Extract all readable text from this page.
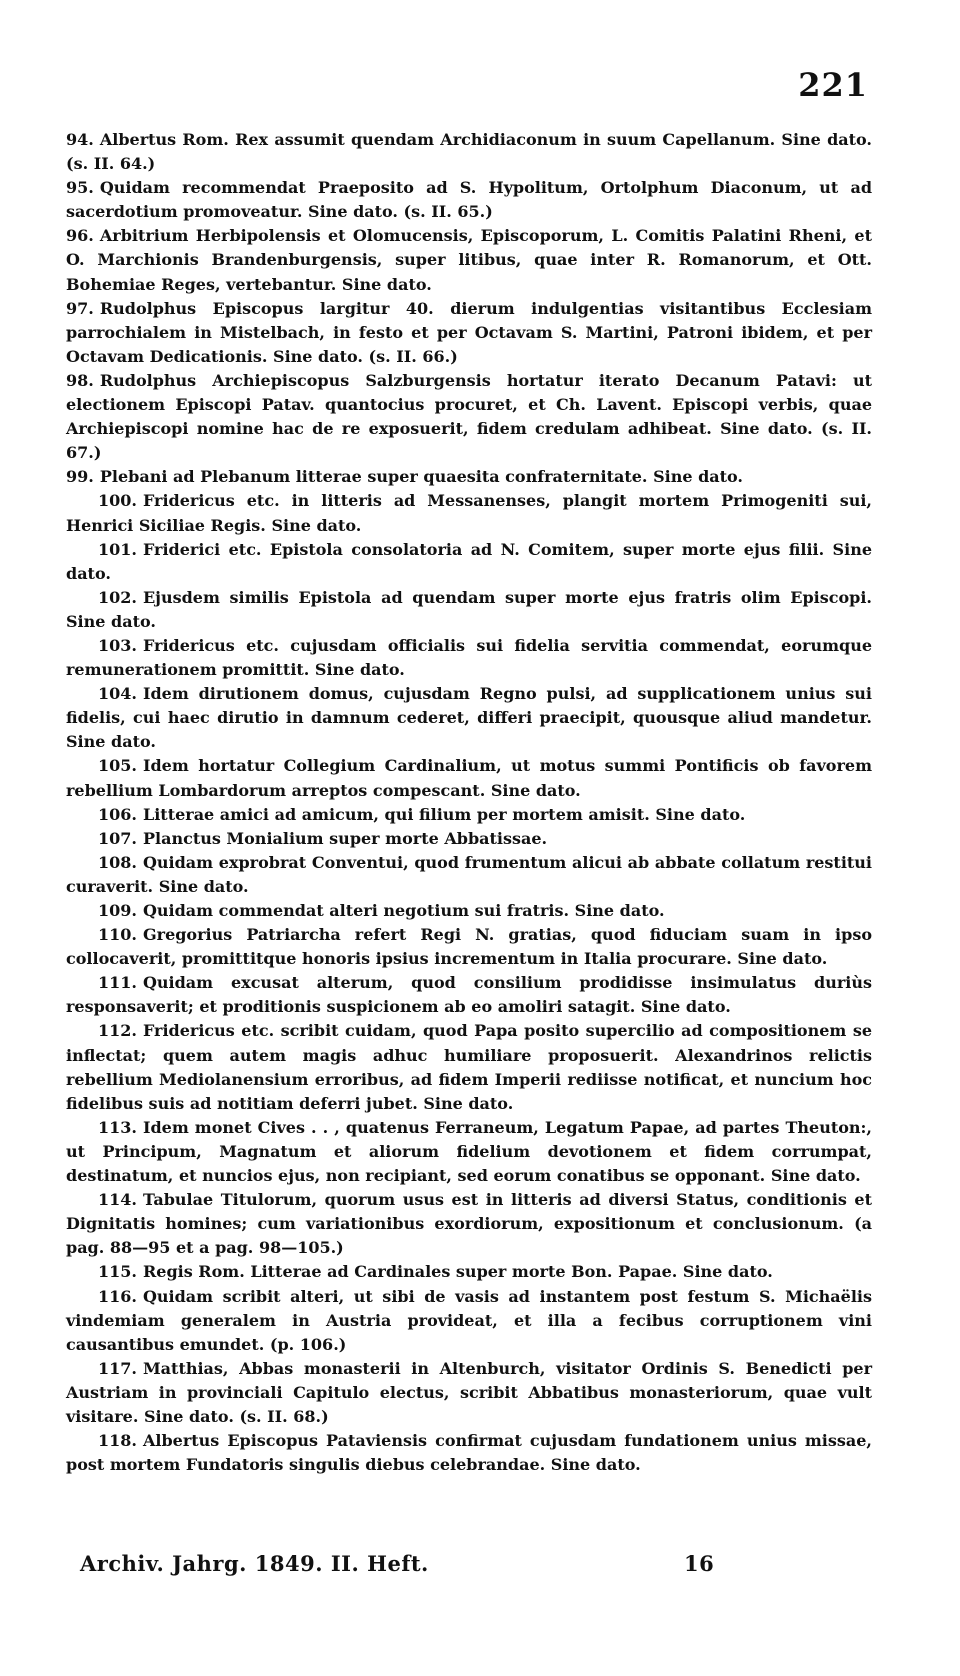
221

94. Albertus Rom. Rex assumit quendam Archidiaconum in suum Capellanum. Sine dato. (s. II. 64.)

95. Quidam recommendat Praeposito ad S. Hypolitum, Ortolphum Diaconum, ut ad sacerdotium promoveatur. Sine dato. (s. II. 65.)

96. Arbitrium Herbipolensis et Olomucensis, Episcoporum, L. Comitis Palatini Rheni, et O. Marchionis Brandenburgensis, super litibus, quae inter R. Romanorum, et Ott. Bohemiae Reges, vertebantur. Sine dato.

97. Rudolphus Episcopus largitur 40. dierum indulgentias visitantibus Ecclesiam parrochialem in Mistelbach, in festo et per Octavam S. Martini, Patroni ibidem, et per Octavam Dedicationis. Sine dato. (s. II. 66.)

98. Rudolphus Archiepiscopus Salzburgensis hortatur iterato Decanum Patavi: ut electionem Episcopi Patav. quantocius procuret, et Ch. Lavent. Episcopi verbis, quae Archiepiscopi nomine hac de re exposuerit, fidem credulam adhibeat. Sine dato. (s. II. 67.)

99. Plebani ad Plebanum litterae super quaesita confraternitate. Sine dato.

100. Fridericus etc. in litteris ad Messanenses, plangit mortem Primogeniti sui, Henrici Siciliae Regis. Sine dato.

101. Friderici etc. Epistola consolatoria ad N. Comitem, super morte ejus filii. Sine dato.

102. Ejusdem similis Epistola ad quendam super morte ejus fratris olim Episcopi. Sine dato.

103. Fridericus etc. cujusdam officialis sui fidelia servitia commendat, eorumque remunerationem promittit. Sine dato.

104. Idem dirutionem domus, cujusdam Regno pulsi, ad supplicationem unius sui fidelis, cui haec dirutio in damnum cederet, differi praecipit, quousque aliud mandetur. Sine dato.

105. Idem hortatur Collegium Cardinalium, ut motus summi Pontificis ob favorem rebellium Lombardorum arreptos compescant. Sine dato.

106. Litterae amici ad amicum, qui filium per mortem amisit. Sine dato.

107. Planctus Monialium super morte Abbatissae.

108. Quidam exprobrat Conventui, quod frumentum alicui ab abbate collatum restitui curaverit. Sine dato.

109. Quidam commendat alteri negotium sui fratris. Sine dato.

110. Gregorius Patriarcha refert Regi N. gratias, quod fiduciam suam in ipso collocaverit, promittitque honoris ipsius incrementum in Italia procurare. Sine dato.

111. Quidam excusat alterum, quod consilium prodidisse insimulatus duriùs responsaverit; et proditionis suspicionem ab eo amoliri satagit. Sine dato.

112. Fridericus etc. scribit cuidam, quod Papa posito supercilio ad compositionem se inflectat; quem autem magis adhuc humiliare proposuerit. Alexandrinos relictis rebellium Mediolanensium erroribus, ad fidem Imperii rediisse notificat, et nuncium hoc fidelibus suis ad notitiam deferri jubet. Sine dato.

113. Idem monet Cives . . , quatenus Ferraneum, Legatum Papae, ad partes Theuton:, ut Principum, Magnatum et aliorum fidelium devotionem et fidem corrumpat, destinatum, et nuncios ejus, non recipiant, sed eorum conatibus se opponant. Sine dato.

114. Tabulae Titulorum, quorum usus est in litteris ad diversi Status, conditionis et Dignitatis homines; cum variationibus exordiorum, expositionum et conclusionum. (a pag. 88—95 et a pag. 98—105.)

115. Regis Rom. Litterae ad Cardinales super morte Bon. Papae. Sine dato.

116. Quidam scribit alteri, ut sibi de vasis ad instantem post festum S. Michaëlis vindemiam generalem in Austria provideat, et illa a fecibus corruptionem vini causantibus emundet. (p. 106.)

117. Matthias, Abbas monasterii in Altenburch, visitator Ordinis S. Benedicti per Austriam in provinciali Capitulo electus, scribit Abbatibus monasteriorum, quae vult visitare. Sine dato. (s. II. 68.)

118. Albertus Episcopus Pataviensis confirmat cujusdam fundationem unius missae, post mortem Fundatoris singulis diebus celebrandae. Sine dato.

Archiv. Jahrg. 1849. II. Heft.	16
